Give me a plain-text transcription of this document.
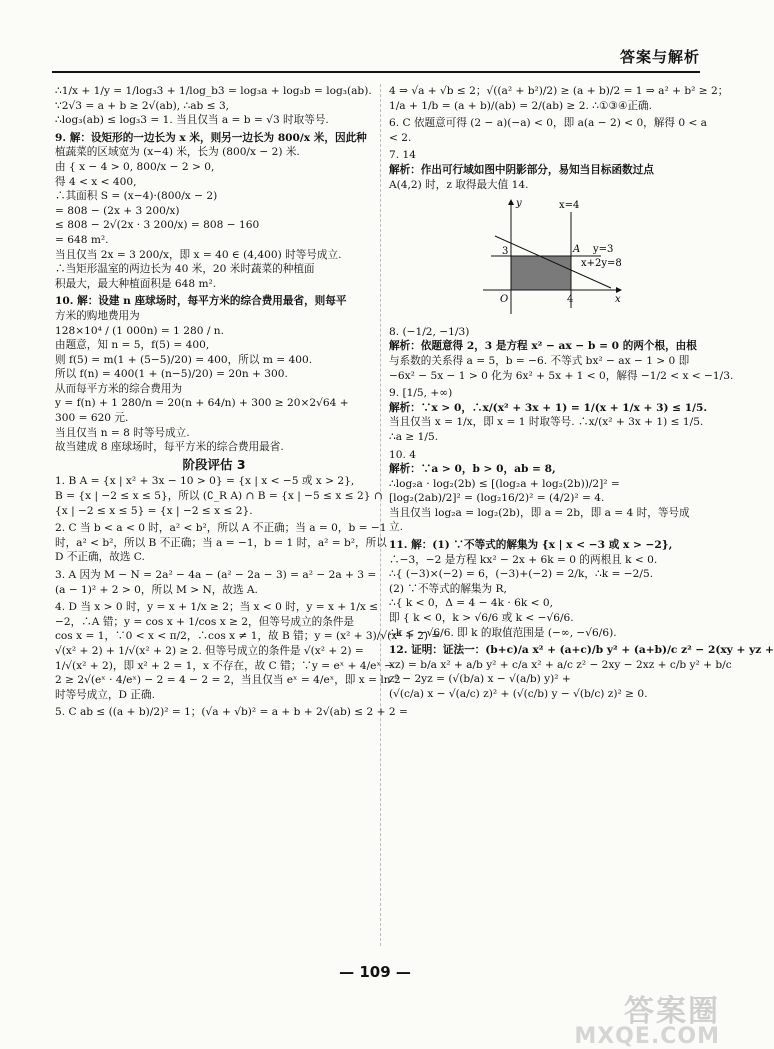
答案与解析
∴1/x + 1/y = 1/log₃3 + 1/log_b3 = log₃a + log₃b = log₃(ab).
∵2√3 = a + b ≥ 2√(ab), ∴ab ≤ 3,
∴log₃(ab) ≤ log₃3 = 1. 当且仅当 a = b = √3 时取等号.
9. 解：设矩形的一边长为 x 米，则另一边长为 800/x 米，因此种
植蔬菜的区域宽为 (x−4) 米，长为 (800/x − 2) 米.
由 { x − 4 > 0, 800/x − 2 > 0,
得 4 < x < 400,
∴其面积 S = (x−4)·(800/x − 2)
= 808 − (2x + 3 200/x)
≤ 808 − 2√(2x · 3 200/x) = 808 − 160
= 648 m².
当且仅当 2x = 3 200/x，即 x = 40 ∈ (4,400) 时等号成立.
∴当矩形温室的两边长为 40 米，20 米时蔬菜的种植面
积最大，最大种植面积是 648 m².
10. 解：设建 n 座球场时，每平方米的综合费用最省，则每平
方米的购地费用为
128×10⁴ / (1 000n) = 1 280 / n.
由题意，知 n = 5，f(5) = 400,
则 f(5) = m(1 + (5−5)/20) = 400，所以 m = 400.
所以 f(n) = 400(1 + (n−5)/20) = 20n + 300.
从而每平方米的综合费用为
y = f(n) + 1 280/n = 20(n + 64/n) + 300 ≥ 20×2√64 +
300 = 620 元.
当且仅当 n = 8 时等号成立.
故当建成 8 座球场时，每平方米的综合费用最省.
阶段评估 3
1. B A = {x | x² + 3x − 10 > 0} = {x | x < −5 或 x > 2},
B = {x | −2 ≤ x ≤ 5}，所以 (∁_R A) ∩ B = {x | −5 ≤ x ≤ 2} ∩
{x | −2 ≤ x ≤ 5} = {x | −2 ≤ x ≤ 2}.
2. C 当 b < a < 0 时，a² < b²，所以 A 不正确；当 a = 0，b = −1
时，a² < b²，所以 B 不正确；当 a = −1，b = 1 时，a² = b²，所以
D 不正确，故选 C.
3. A 因为 M − N = 2a² − 4a − (a² − 2a − 3) = a² − 2a + 3 =
(a − 1)² + 2 > 0，所以 M > N，故选 A.
4. D 当 x > 0 时，y = x + 1/x ≥ 2；当 x < 0 时，y = x + 1/x ≤
−2，∴A 错；y = cos x + 1/cos x ≥ 2，但等号成立的条件是
cos x = 1，∵0 < x < π/2，∴cos x ≠ 1，故 B 错；y = (x² + 3)/√(x² + 2) =
√(x² + 2) + 1/√(x² + 2) ≥ 2. 但等号成立的条件是 √(x² + 2) =
1/√(x² + 2)，即 x² + 2 = 1，x 不存在，故 C 错；∵y = eˣ + 4/eˣ −
2 ≥ 2√(eˣ · 4/eˣ) − 2 = 4 − 2 = 2，当且仅当 eˣ = 4/eˣ，即 x = ln 2
时等号成立，D 正确.
5. C ab ≤ ((a + b)/2)² = 1；(√a + √b)² = a + b + 2√(ab) ≤ 2 + 2 =
4 ⇒ √a + √b ≤ 2；√((a² + b²)/2) ≥ (a + b)/2 = 1 ⇒ a² + b² ≥ 2；
1/a + 1/b = (a + b)/(ab) = 2/(ab) ≥ 2. ∴①③④正确.
6. C 依题意可得 (2 − a)(−a) < 0，即 a(a − 2) < 0，解得 0 < a
< 2.
7. 14
解析：作出可行域如图中阴影部分，易知当目标函数过点
A(4,2) 时，z 取得最大值 14.
y
x
x=4
y=3
x+2y=8
A
3
4
O
8. (−1/2, −1/3)
解析：依题意得 2，3 是方程 x² − ax − b = 0 的两个根，由根
与系数的关系得 a = 5，b = −6. 不等式 bx² − ax − 1 > 0 即
−6x² − 5x − 1 > 0 化为 6x² + 5x + 1 < 0，解得 −1/2 < x < −1/3.
9. [1/5, +∞)
解析：∵x > 0，∴x/(x² + 3x + 1) = 1/(x + 1/x + 3) ≤ 1/5.
当且仅当 x = 1/x，即 x = 1 时取等号. ∴x/(x² + 3x + 1) ≤ 1/5.
∴a ≥ 1/5.
10. 4
解析：∵a > 0，b > 0，ab = 8,
∴log₂a · log₂(2b) ≤ [(log₂a + log₂(2b))/2]² =
[log₂(2ab)/2]² = (log₂16/2)² = (4/2)² = 4.
当且仅当 log₂a = log₂(2b)，即 a = 2b，即 a = 4 时，等号成
立.
11. 解：(1) ∵不等式的解集为 {x | x < −3 或 x > −2},
∴−3，−2 是方程 kx² − 2x + 6k = 0 的两根且 k < 0.
∴{ (−3)×(−2) = 6，(−3)+(−2) = 2/k，∴k = −2/5.
(2) ∵不等式的解集为 R,
∴{ k < 0，Δ = 4 − 4k · 6k < 0,
即 { k < 0，k > √6/6 或 k < −√6/6.
∴k < −√6/6. 即 k 的取值范围是 (−∞, −√6/6).
12. 证明：证法一：(b+c)/a x² + (a+c)/b y² + (a+b)/c z² − 2(xy + yz +
xz) = b/a x² + a/b y² + c/a x² + a/c z² − 2xy − 2xz + c/b y² + b/c
z² − 2yz = (√(b/a) x − √(a/b) y)² +
(√(c/a) x − √(a/c) z)² + (√(c/b) y − √(b/c) z)² ≥ 0.
— 109 —
答案圈
MXQE.COM
